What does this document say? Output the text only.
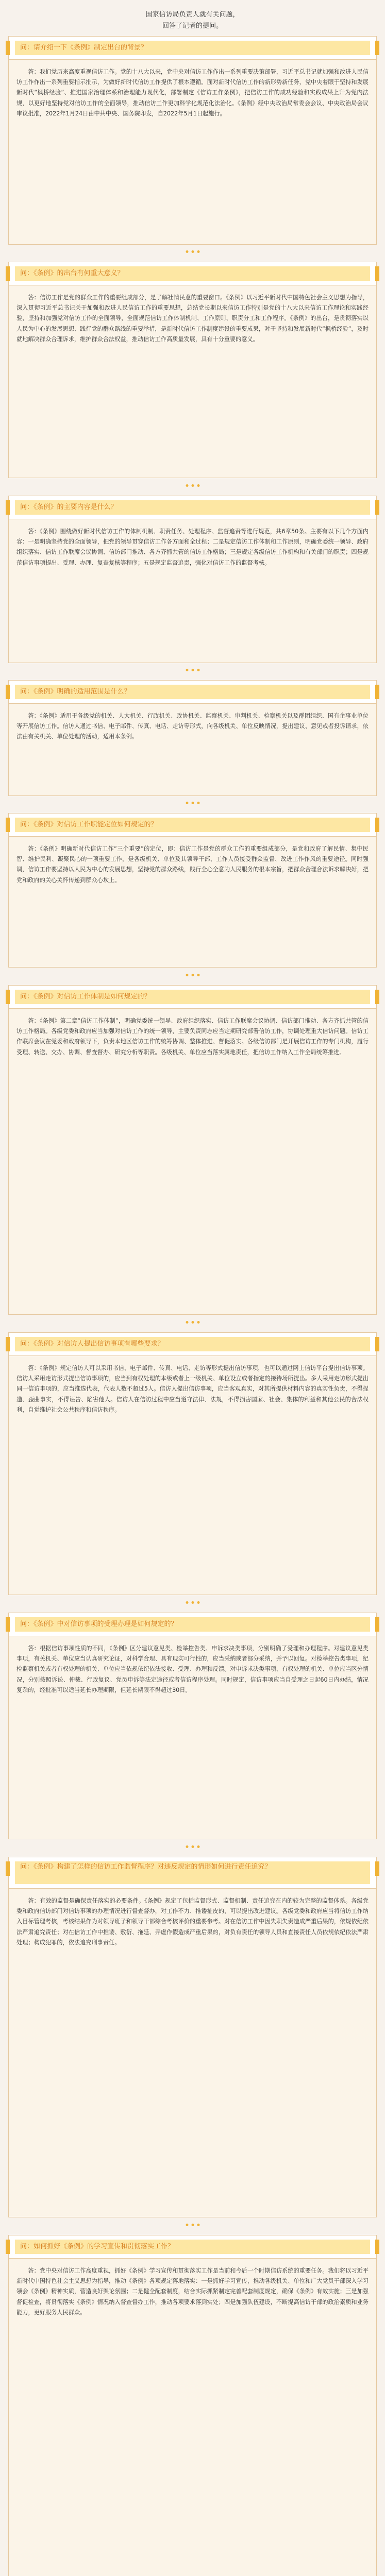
国家信访局负责人就有关问题，
回答了记者的提问。
问：请介绍一下《条例》制定出台的背景？

答：我们党历来高度重视信访工作。党的十八大以来，党中央对信访工作作出一系列重要决策部署，习近平总书记就加强和改进人民信访工作作出一系列重要指示批示，为做好新时代信访工作提供了根本遵循。面对新时代信访工作的新形势新任务，党中央着眼于坚持和发展新时代“枫桥经验”、推进国家治理体系和治理能力现代化，部署制定《信访工作条例》，把信访工作的成功经验和实践成果上升为党内法规，以更好地坚持党对信访工作的全面领导，推动信访工作更加科学化规范化法治化。《条例》经中央政治局常委会会议、中央政治局会议审议批准，2022年1月24日由中共中央、国务院印发，自2022年5月1日起施行。

问：《条例》的出台有何重大意义？

答：信访工作是党的群众工作的重要组成部分，是了解社情民意的重要窗口。《条例》以习近平新时代中国特色社会主义思想为指导，深入贯彻习近平总书记关于加强和改进人民信访工作的重要思想，总结党长期以来信访工作特别是党的十八大以来信访工作理论和实践经验，坚持和加强党对信访工作的全面领导，全面规范信访工作体制机制、工作原则、职责分工和工作程序。《条例》的出台，是贯彻落实以人民为中心的发展思想、践行党的群众路线的重要举措，是新时代信访工作制度建设的重要成果，对于坚持和发展新时代“枫桥经验”，及时就地解决群众合理诉求，维护群众合法权益，推动信访工作高质量发展，具有十分重要的意义。

问：《条例》的主要内容是什么？

答：《条例》围绕做好新时代信访工作的体制机制、职责任务、处理程序、监督追责等进行规范，共6章50条。主要有以下几个方面内容：一是明确坚持党的全面领导，把党的领导贯穿信访工作各方面和全过程；二是规定信访工作体制和工作原则，明确党委统一领导、政府组织落实、信访工作联席会议协调、信访部门推动、各方齐抓共管的信访工作格局；三是规定各级信访工作机构和有关部门的职责；四是规范信访事项提出、受理、办理、复查复核等程序；五是规定监督追责，强化对信访工作的监督考核。

问：《条例》明确的适用范围是什么？

答：《条例》适用于各级党的机关、人大机关、行政机关、政协机关、监察机关、审判机关、检察机关以及群团组织、国有企事业单位等开展信访工作。信访人通过书信、电子邮件、传真、电话、走访等形式，向各级机关、单位反映情况，提出建议、意见或者投诉请求，依法由有关机关、单位处理的活动，适用本条例。

问：《条例》对信访工作职能定位如何规定的？

答：《条例》明确新时代信访工作“三个重要”的定位，即：信访工作是党的群众工作的重要组成部分，是党和政府了解民情、集中民智、维护民利、凝聚民心的一项重要工作，是各级机关、单位及其领导干部、工作人员接受群众监督、改进工作作风的重要途径。同时强调，信访工作要坚持以人民为中心的发展思想，坚持党的群众路线，践行全心全意为人民服务的根本宗旨，把群众合理合法诉求解决好，把党和政府的关心关怀传递到群众心坎上。

问：《条例》对信访工作体制是如何规定的？

答：《条例》第二章“信访工作体制”，明确党委统一领导、政府组织落实、信访工作联席会议协调、信访部门推动、各方齐抓共管的信访工作格局。各级党委和政府应当加强对信访工作的统一领导，主要负责同志应当定期研究部署信访工作，协调处理重大信访问题。信访工作联席会议在党委和政府领导下，负责本地区信访工作的统筹协调、整体推进、督促落实。各级信访部门是开展信访工作的专门机构，履行受理、转送、交办、协调、督查督办、研究分析等职责。各级机关、单位应当落实属地责任，把信访工作纳入工作全局统筹推进。

问：《条例》对信访人提出信访事项有哪些要求？

答：《条例》规定信访人可以采用书信、电子邮件、传真、电话、走访等形式提出信访事项，也可以通过网上信访平台提出信访事项。信访人采用走访形式提出信访事项的，应当到有权处理的本级或者上一级机关、单位设立或者指定的接待场所提出。多人采用走访形式提出同一信访事项的，应当推选代表，代表人数不超过5人。信访人提出信访事项，应当客观真实，对其所提供材料内容的真实性负责，不得捏造、歪曲事实，不得诬告、陷害他人。信访人在信访过程中应当遵守法律、法规，不得损害国家、社会、集体的利益和其他公民的合法权利，自觉维护社会公共秩序和信访秩序。

问：《条例》中对信访事项的受理办理是如何规定的？

答：根据信访事项性质的不同，《条例》区分建议意见类、检举控告类、申诉求决类事项，分别明确了受理和办理程序。对建议意见类事项，有关机关、单位应当认真研究论证，对科学合理、具有现实可行性的，应当采纳或者部分采纳，并予以回复。对检举控告类事项，纪检监察机关或者有权处理的机关、单位应当依规依纪依法接收、受理、办理和反馈。对申诉求决类事项，有权处理的机关、单位应当区分情况，分别按照诉讼、仲裁、行政复议、党员申诉等法定途径或者信访程序处理。同时规定，信访事项应当自受理之日起60日内办结，情况复杂的，经批准可以适当延长办理期限，但延长期限不得超过30日。

问：《条例》构建了怎样的信访工作监督程序？对违反规定的情形如何进行责任追究？

答：有效的监督是确保责任落实的必要条件。《条例》规定了包括监督形式、监督机制、责任追究在内的较为完整的监督体系。各级党委和政府信访部门对信访事项的办理情况进行督查督办，对工作不力、推诿扯皮的，可以提出改进建议。各级党委和政府应当将信访工作纳入目标管理考核，考核结果作为对领导班子和领导干部综合考核评价的重要参考。对在信访工作中因失职失责造成严重后果的，依规依纪依法严肃追究责任；对在信访工作中推诿、敷衍、拖延、弄虚作假造成严重后果的，对负有责任的领导人员和直接责任人员依规依纪依法严肃处理；构成犯罪的，依法追究刑事责任。

问：如何抓好《条例》的学习宣传和贯彻落实工作？

答：党中央对信访工作高度重视，抓好《条例》学习宣传和贯彻落实工作是当前和今后一个时期信访系统的重要任务。我们将以习近平新时代中国特色社会主义思想为指导，推动《条例》各项规定落地落实：一是抓好学习宣传，推动各级机关、单位和广大党员干部深入学习领会《条例》精神实质，营造良好舆论氛围；二是健全配套制度，结合实际抓紧制定完善配套制度规定，确保《条例》有效实施；三是加强督促检查，将贯彻落实《条例》情况纳入督查督办工作，推动各项要求落到实处；四是加强队伍建设，不断提高信访干部的政治素质和业务能力，更好服务人民群众。
